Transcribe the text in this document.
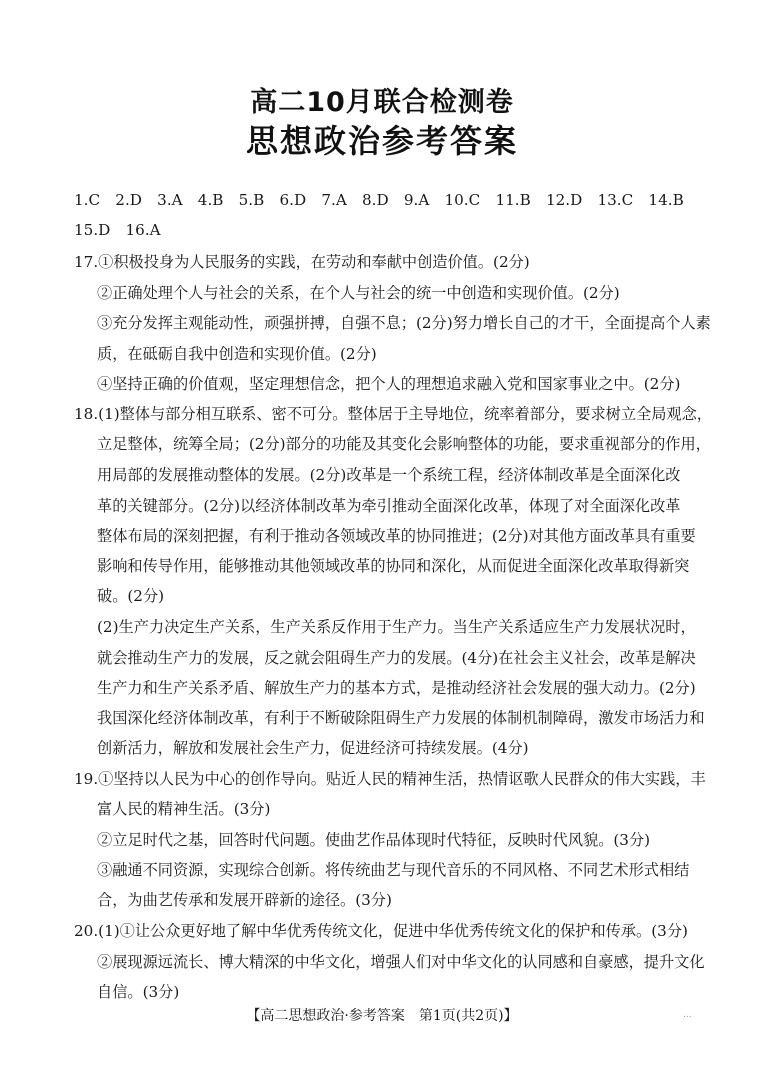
高二10月联合检测卷
思想政治参考答案
1.C　2.D　3.A　4.B　5.B　6.D　7.A　8.D　9.A　10.C　11.B　12.D　13.C　14.B
15.D　16.A
17.①积极投身为人民服务的实践，在劳动和奉献中创造价值。(2分)
②正确处理个人与社会的关系，在个人与社会的统一中创造和实现价值。(2分)
③充分发挥主观能动性，顽强拼搏，自强不息；(2分)努力增长自己的才干，全面提高个人素
质，在砥砺自我中创造和实现价值。(2分)
④坚持正确的价值观，坚定理想信念，把个人的理想追求融入党和国家事业之中。(2分)
18.(1)整体与部分相互联系、密不可分。整体居于主导地位，统率着部分，要求树立全局观念，
立足整体，统筹全局；(2分)部分的功能及其变化会影响整体的功能，要求重视部分的作用，
用局部的发展推动整体的发展。(2分)改革是一个系统工程，经济体制改革是全面深化改
革的关键部分。(2分)以经济体制改革为牵引推动全面深化改革，体现了对全面深化改革
整体布局的深刻把握，有利于推动各领域改革的协同推进；(2分)对其他方面改革具有重要
影响和传导作用，能够推动其他领域改革的协同和深化，从而促进全面深化改革取得新突
破。(2分)
(2)生产力决定生产关系，生产关系反作用于生产力。当生产关系适应生产力发展状况时，
就会推动生产力的发展，反之就会阻碍生产力的发展。(4分)在社会主义社会，改革是解决
生产力和生产关系矛盾、解放生产力的基本方式，是推动经济社会发展的强大动力。(2分)
我国深化经济体制改革，有利于不断破除阻碍生产力发展的体制机制障碍，激发市场活力和
创新活力，解放和发展社会生产力，促进经济可持续发展。(4分)
19.①坚持以人民为中心的创作导向。贴近人民的精神生活，热情讴歌人民群众的伟大实践，丰
富人民的精神生活。(3分)
②立足时代之基，回答时代问题。使曲艺作品体现时代特征，反映时代风貌。(3分)
③融通不同资源，实现综合创新。将传统曲艺与现代音乐的不同风格、不同艺术形式相结
合，为曲艺传承和发展开辟新的途径。(3分)
20.(1)①让公众更好地了解中华优秀传统文化，促进中华优秀传统文化的保护和传承。(3分)
②展现源远流长、博大精深的中华文化，增强人们对中华文化的认同感和自豪感，提升文化
自信。(3分)
【高二思想政治·参考答案　第1页(共2页)】	...
